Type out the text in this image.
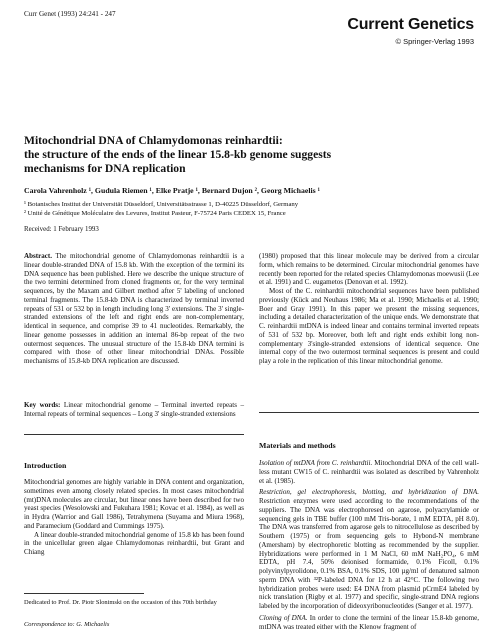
Curr Genet (1993) 24:241 - 247
Current Genetics
© Springer-Verlag 1993
Mitochondrial DNA of Chlamydomonas reinhardtii:
the structure of the ends of the linear 15.8-kb genome suggests
mechanisms for DNA replication
Carola Vahrenholz ¹, Gudula Riemen ¹, Elke Pratje ¹, Bernard Dujon ², Georg Michaelis ¹
¹ Botanisches Institut der Universität Düsseldorf, Universitätsstrasse 1, D-40225 Düsseldorf, Germany
² Unité de Génétique Moléculaire des Levures, Institut Pasteur, F-75724 Paris CEDEX 15, France
Received: 1 February 1993
Abstract. The mitochondrial genome of Chlamydomonas reinhardtii is a linear double-stranded DNA of 15.8 kb. With the exception of the termini its DNA sequence has been published. Here we describe the unique structure of the two termini determined from cloned fragments or, for the very terminal sequences, by the Maxam and Gilbert method after 5' labeling of uncloned terminal fragments. The 15.8-kb DNA is characterized by terminal inverted repeats of 531 or 532 bp in length including long 3' extensions. The 3' single-stranded extensions of the left and right ends are non-complementary, identical in sequence, and comprise 39 to 41 nucleotides. Remarkably, the linear genome possesses in addition an internal 86-bp repeat of the two outermost sequences. The unusual structure of the 15.8-kb DNA termini is compared with those of other linear mitochondrial DNAs. Possible mechanisms of 15.8-kb DNA replication are discussed.
Key words: Linear mitochondrial genome – Terminal inverted repeats – Internal repeats of terminal sequences – Long 3' single-stranded extensions
Introduction

Mitochondrial genomes are highly variable in DNA content and organization, sometimes even among closely related species. In most cases mitochondrial (mt)DNA molecules are circular, but linear ones have been described for two yeast species (Wesolowski and Fukuhara 1981; Kovac et al. 1984), as well as in Hydra (Warrior and Gall 1986), Tetrahymena (Suyama and Miura 1968), and Paramecium (Goddard and Cummings 1975).

A linear double-stranded mitochondrial genome of 15.8 kb has been found in the unicellular green algae Chlamydomonas reinhardtii, but Grant and Chiang

Dedicated to Prof. Dr. Piotr Slonimski on the occasion of this 70th birthday
Correspondence to: G. Michaelis

(1980) proposed that this linear molecule may be derived from a circular form, which remains to be determined. Circular mitochondrial genomes have recently been reported for the related species Chlamydomonas moewusii (Lee et al. 1991) and C. eugametos (Denovan et al. 1992).

Most of the C. reinhardtii mitochondrial sequences have been published previously (Kück and Neuhaus 1986; Ma et al. 1990; Michaelis et al. 1990; Boer and Gray 1991). In this paper we present the missing sequences, including a detailed characterization of the unique ends. We demonstrate that C. reinhardtii mtDNA is indeed linear and contains terminal inverted repeats of 531 of 532 bp. Moreover, both left and right ends exhibit long non-complementary 3'single-stranded extensions of identical sequence. One internal copy of the two outermost terminal sequences is present and could play a role in the replication of this linear mitochondrial genome.

Materials and methods

Isolation of mtDNA from C. reinhardtii. Mitochondrial DNA of the cell wall-less mutant CW15 of C. reinhardtii was isolated as described by Vahrenholz et al. (1985).

Restriction, gel electrophoresis, blotting, and hybridization of DNA. Restriction enzymes were used according to the recommendations of the suppliers. The DNA was electrophoresed on agarose, polyacrylamide or sequencing gels in TBE buffer (100 mM Tris-borate, 1 mM EDTA, pH 8.0). The DNA was transferred from agarose gels to nitrocellulose as described by Southern (1975) or from sequencing gels to Hybond-N membrane (Amersham) by electrophoretic blotting as recommended by the supplier. Hybridizations were performed in 1 M NaCl, 60 mM NaH₂PO₄, 6 mM EDTA, pH 7.4, 50% deionised formamide, 0.1% Ficoll, 0.1% polyvinylpyrolidone, 0.1% BSA, 0.1% SDS, 100 µg/ml of denatured salmon sperm DNA with ³²P-labeled DNA for 12 h at 42°C. The following two hybridization probes were used: E4 DNA from plasmid pCrmE4 labeled by nick translation (Rigby et al. 1977) and specific, single-strand DNA regions labeled by the incorporation of dideoxyribonucleotides (Sanger et al. 1977).

Cloning of DNA. In order to clone the termini of the linear 15.8-kb genome, mtDNA was treated either with the Klenow fragment of
